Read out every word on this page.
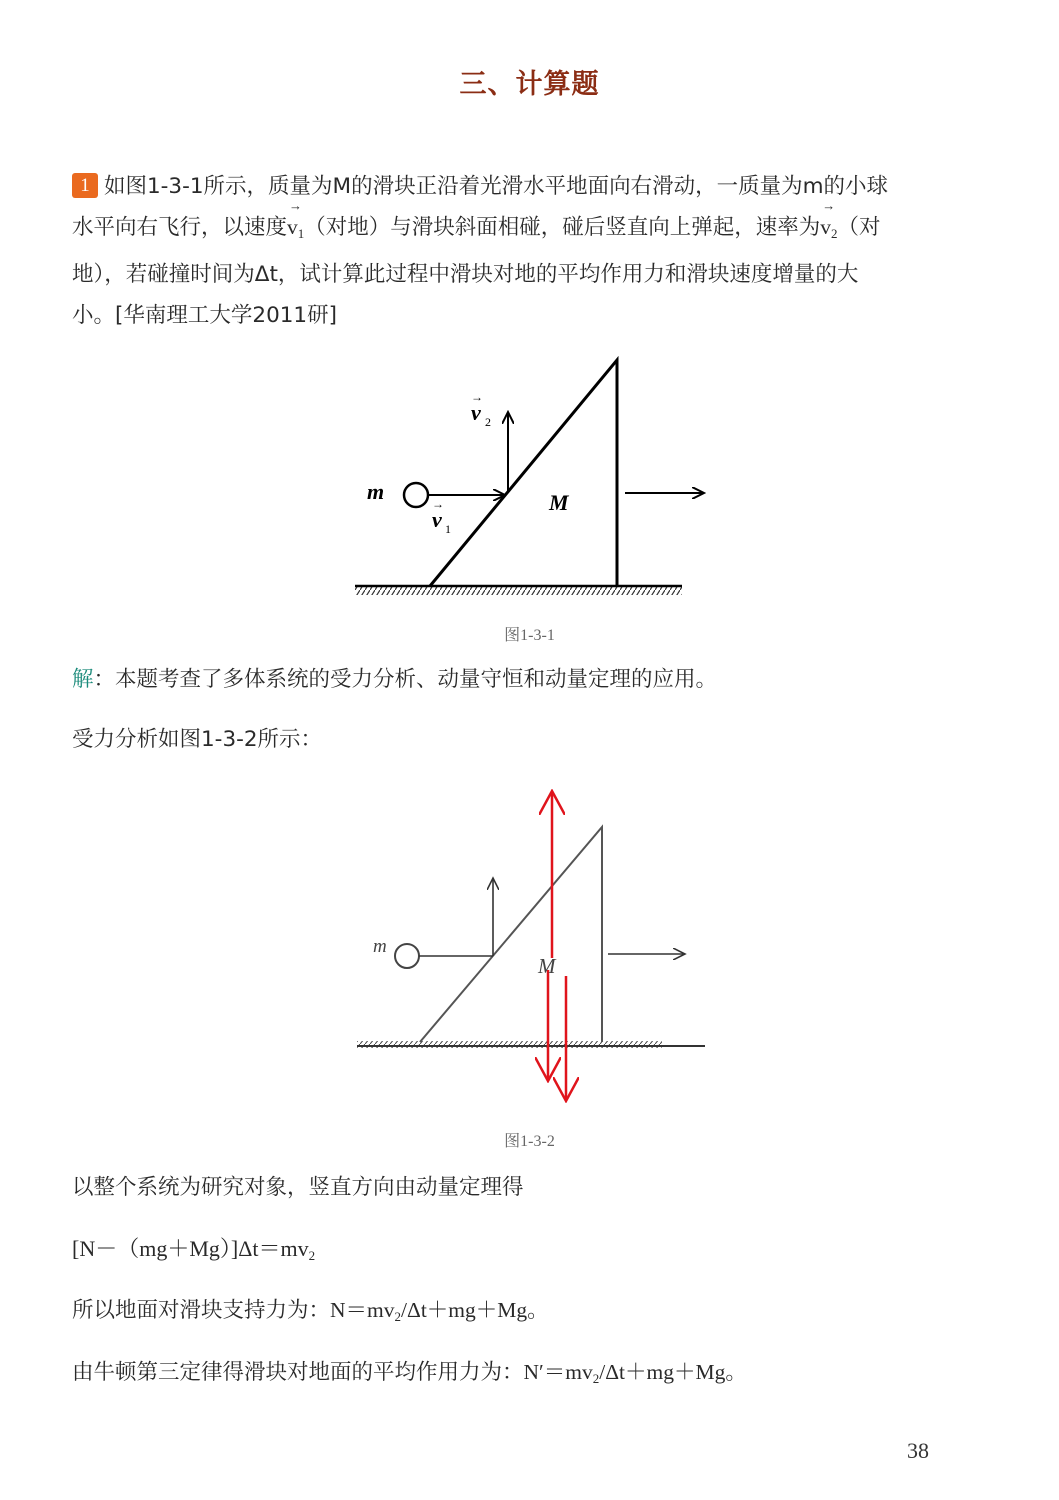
三、计算题
1 如图1-3-1所示，质量为M的滑块正沿着光滑水平地面向右滑动，一质量为m的小球
水平向右飞行，以速度→ $v_1$（对地）与滑块斜面相碰，碰后竖直向上弹起，速率为→ $v_2$（对
地），若碰撞时间为Δt，试计算此过程中滑块对地的平均作用力和滑块速度增量的大
小。[华南理工大学2011研]
m	M
v 1
v 2
→
→
图1-3-1
解：本题考查了多体系统的受力分析、动量守恒和动量定理的应用。
受力分析如图1-3-2所示：
m
M
图1-3-2
以整个系统为研究对象，竖直方向由动量定理得
$[N-(mg+Mg)]\Delta t=mv_2$
所以地面对滑块支持力为：$N=mv_2/\Delta t+mg+Mg$。
由牛顿第三定律得滑块对地面的平均作用力为：$N'=mv_2/\Delta t+mg+Mg$。
38
